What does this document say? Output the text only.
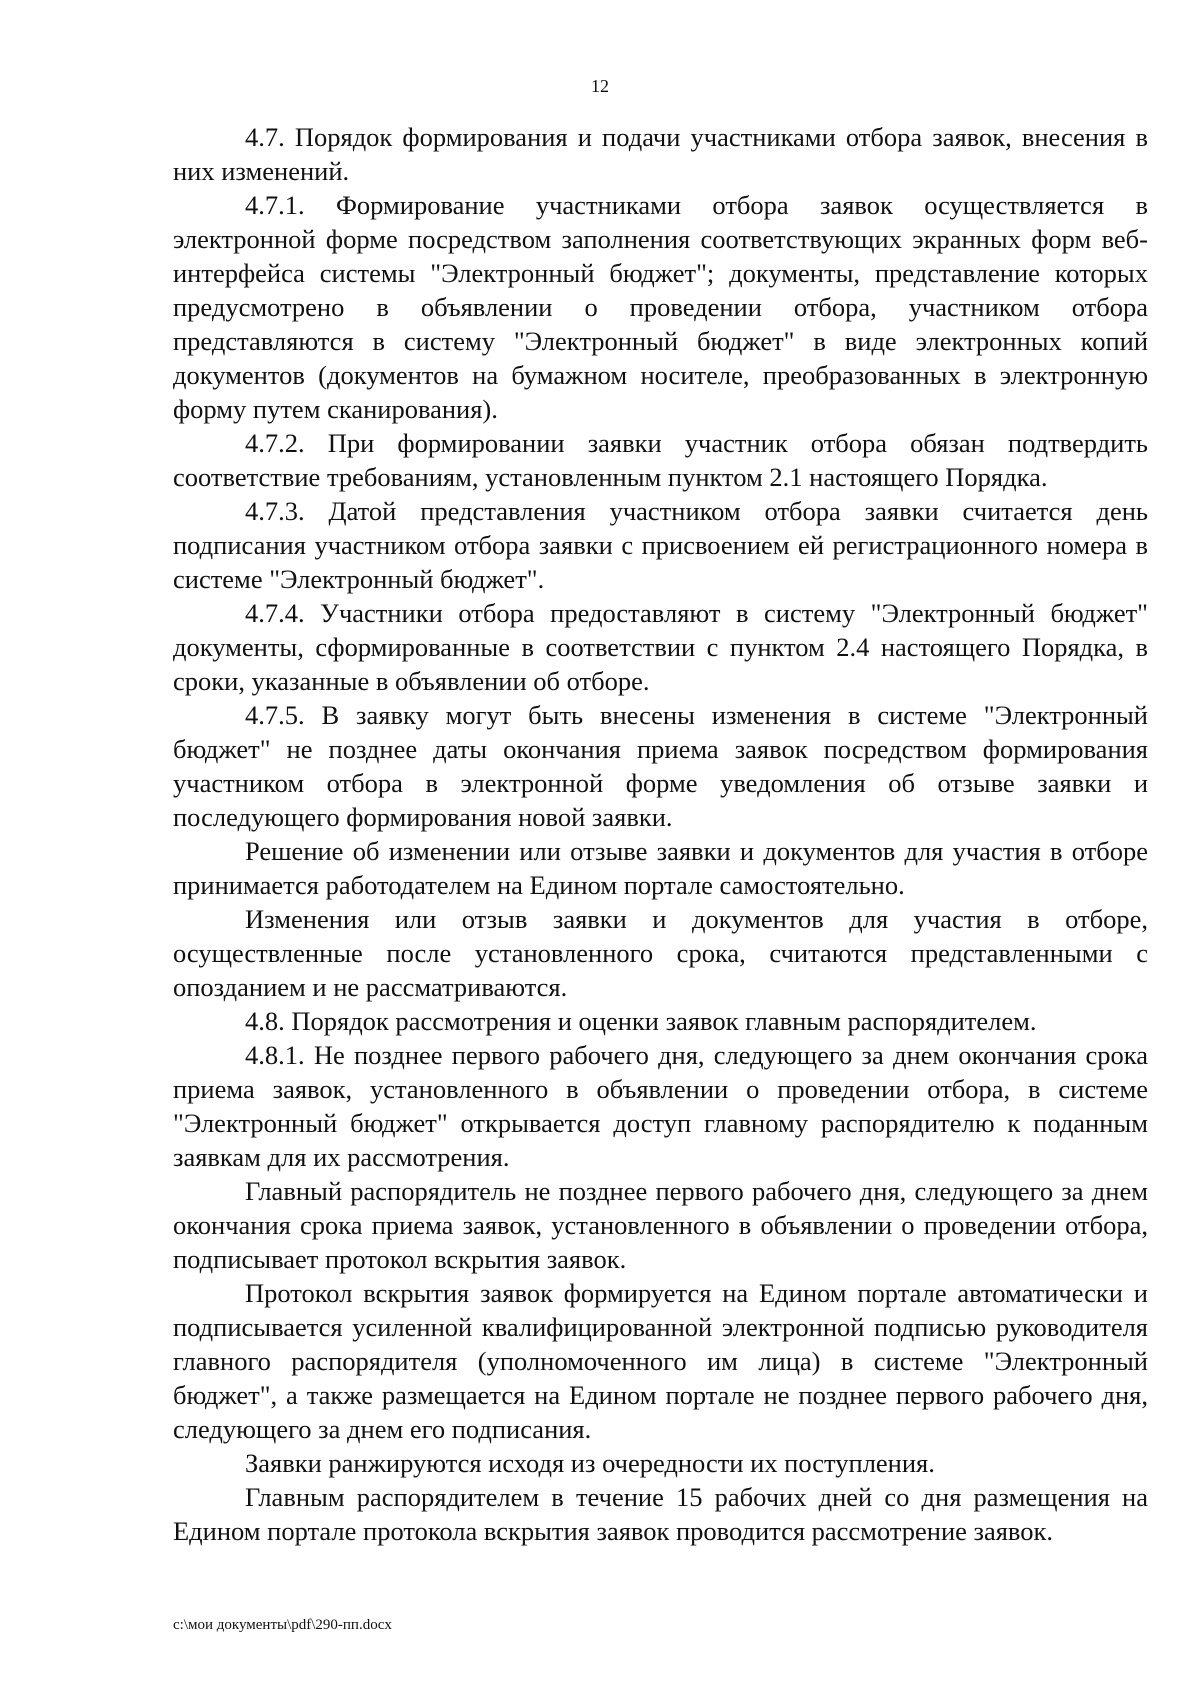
12

4.7. Порядок формирования и подачи участниками отбора заявок, внесения в них изменений.

4.7.1. Формирование участниками отбора заявок осуществляется в электронной форме посредством заполнения соответствующих экранных форм веб-интерфейса системы "Электронный бюджет"; документы, представление которых предусмотрено в объявлении о проведении отбора, участником отбора представляются в систему "Электронный бюджет" в виде электронных копий документов (документов на бумажном носителе, преобразованных в электронную форму путем сканирования).

4.7.2. При формировании заявки участник отбора обязан подтвердить соответствие требованиям, установленным пунктом 2.1 настоящего Порядка.

4.7.3. Датой представления участником отбора заявки считается день подписания участником отбора заявки с присвоением ей регистрационного номера в системе "Электронный бюджет".

4.7.4. Участники отбора предоставляют в систему "Электронный бюджет" документы, сформированные в соответствии с пунктом 2.4 настоящего Порядка, в сроки, указанные в объявлении об отборе.

4.7.5. В заявку могут быть внесены изменения в системе "Электронный бюджет" не позднее даты окончания приема заявок посредством формирования участником отбора в электронной форме уведомления об отзыве заявки и последующего формирования новой заявки.

Решение об изменении или отзыве заявки и документов для участия в отборе принимается работодателем на Едином портале самостоятельно.

Изменения или отзыв заявки и документов для участия в отборе, осуществленные после установленного срока, считаются представленными с опозданием и не рассматриваются.

4.8. Порядок рассмотрения и оценки заявок главным распорядителем.

4.8.1. Не позднее первого рабочего дня, следующего за днем окончания срока приема заявок, установленного в объявлении о проведении отбора, в системе "Электронный бюджет" открывается доступ главному распорядителю к поданным заявкам для их рассмотрения.

Главный распорядитель не позднее первого рабочего дня, следующего за днем окончания срока приема заявок, установленного в объявлении о проведении отбора, подписывает протокол вскрытия заявок.

Протокол вскрытия заявок формируется на Едином портале автоматически и подписывается усиленной квалифицированной электронной подписью руководителя главного распорядителя (уполномоченного им лица) в системе "Электронный бюджет", а также размещается на Едином портале не позднее первого рабочего дня, следующего за днем его подписания.

Заявки ранжируются исходя из очередности их поступления.

Главным распорядителем в течение 15 рабочих дней со дня размещения на Едином портале протокола вскрытия заявок проводится рассмотрение заявок.

c:\мои документы\pdf\290-пп.docx
